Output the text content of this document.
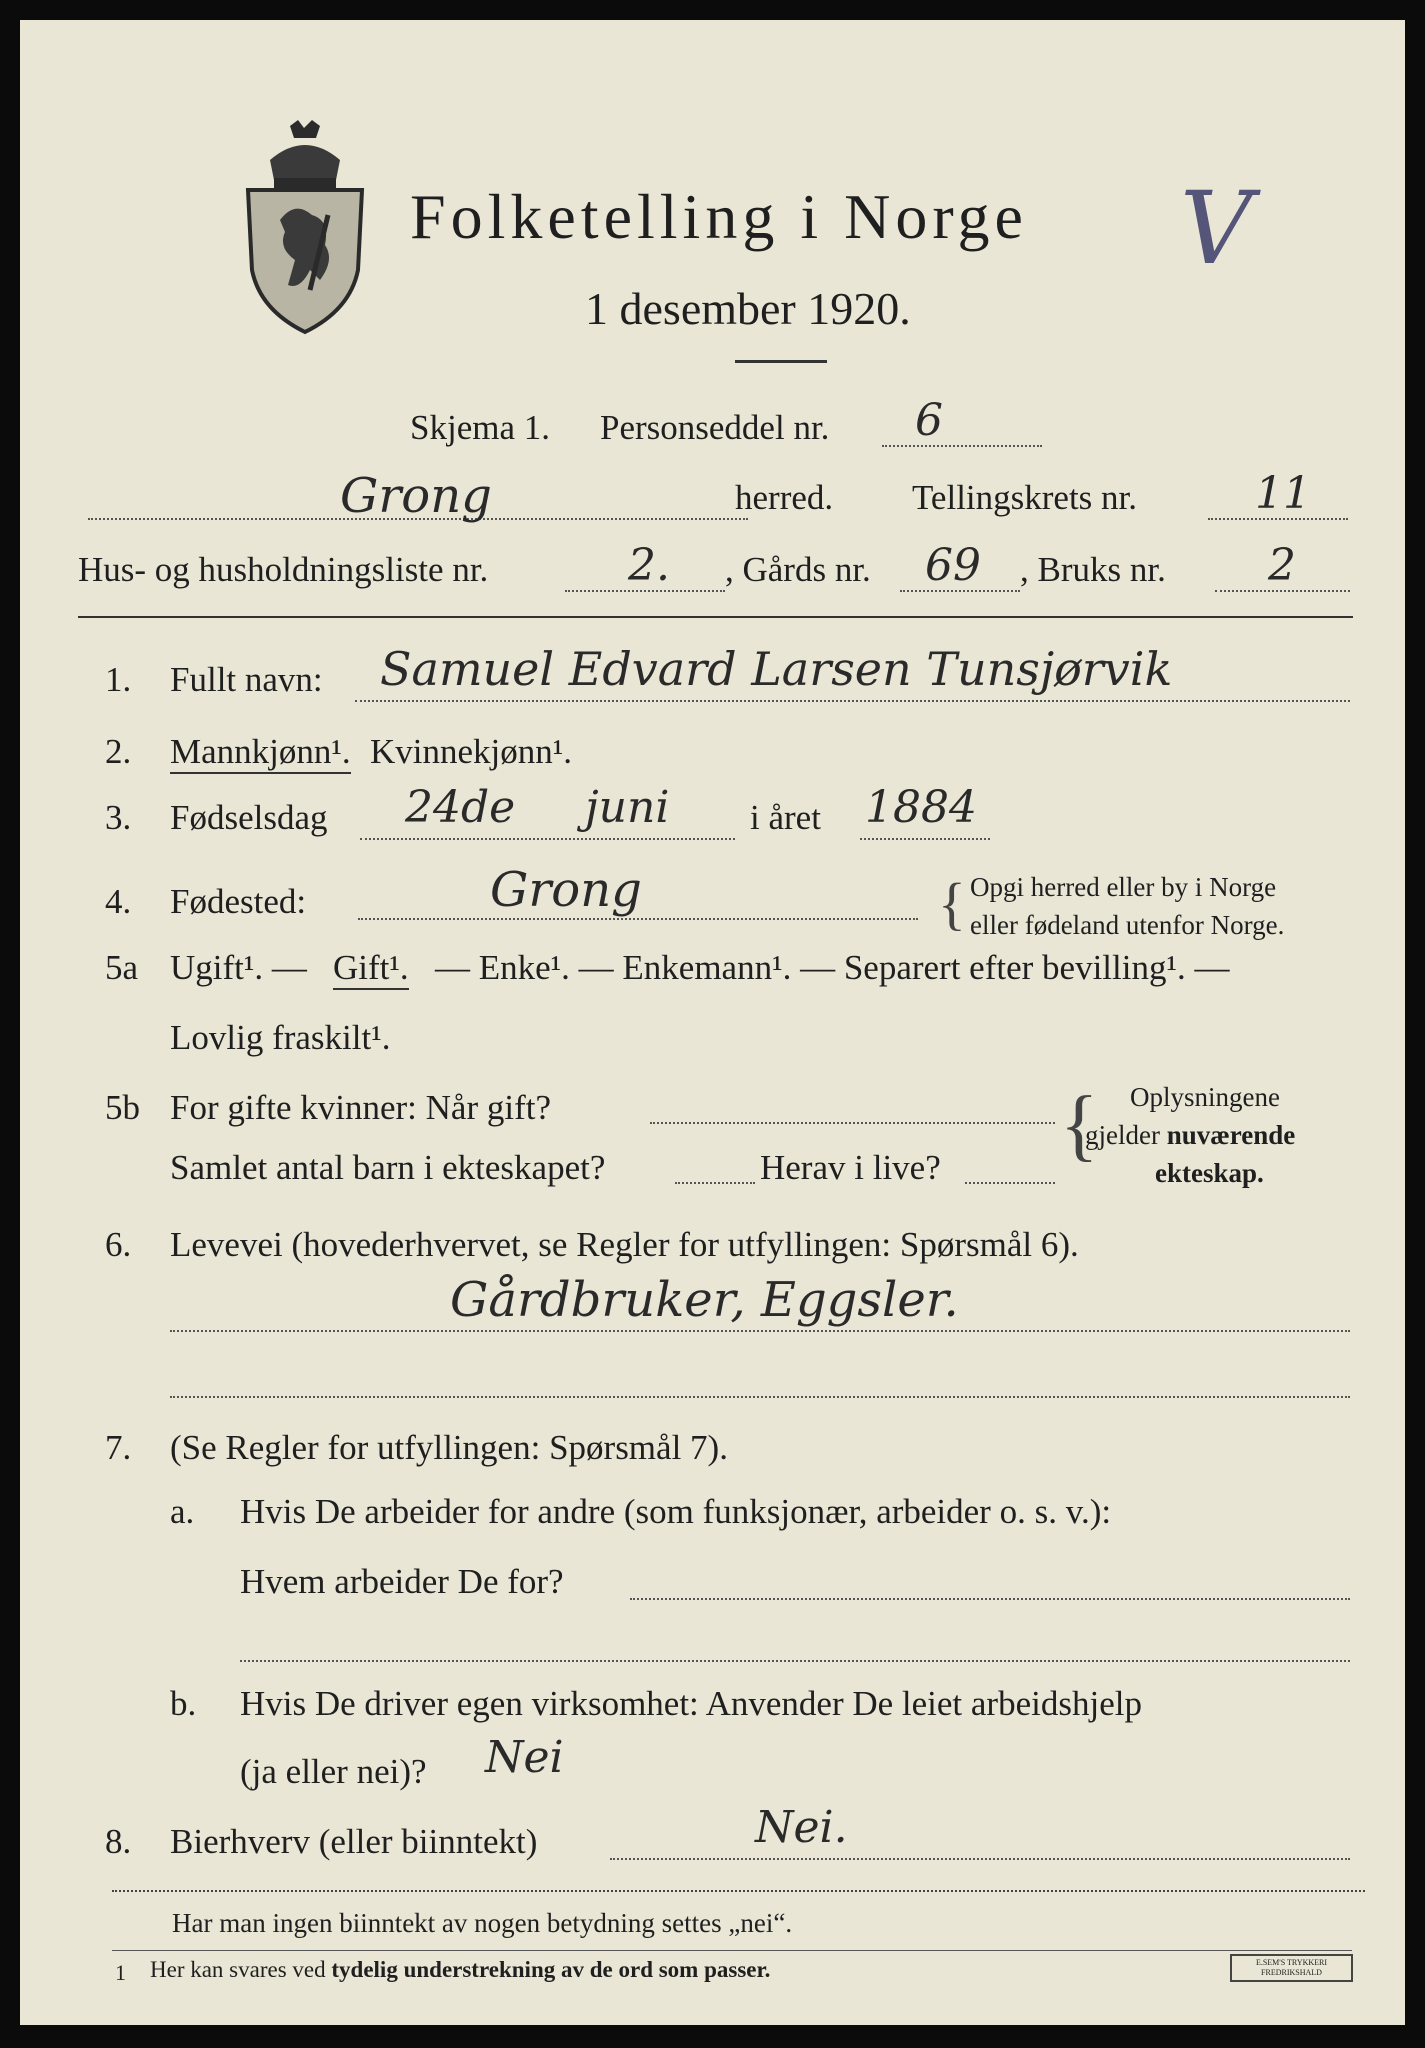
Folketelling i Norge V
1 desember 1920.
Skjema 1. Personseddel nr. 6
Grong	herred. Tellingskrets nr.	11
Hus- og husholdningsliste nr.	2. , Gårds nr. 69 , Bruks nr. 2
1. Fullt navn: Samuel Edvard Larsen Tunsjørvik
2. Mannkjønn¹. Kvinnekjønn¹.
3. Fødselsdag 24de juni i året 1884
4. Fødested:	Grong	{ Opgi herred eller by i Norge
eller fødeland utenfor Norge.
5a Ugift¹. — Gift¹. — Enke¹. — Enkemann¹. — Separert efter bevilling¹. —
Lovlig fraskilt¹.
5b For gifte kvinner: Når gift?
Samlet antal barn i ekteskapet?	Herav i live? { Oplysningene
gjelder nuværende
ekteskap.
6. Levevei (hovederhvervet, se Regler for utfyllingen: Spørsmål 6).
Gårdbruker, Eggsler.
7. (Se Regler for utfyllingen: Spørsmål 7).
a. Hvis De arbeider for andre (som funksjonær, arbeider o. s. v.):
Hvem arbeider De for?
b. Hvis De driver egen virksomhet: Anvender De leiet arbeidshjelp
(ja eller nei)? Nei
8. Bierhverv (eller biinntekt)	Nei.
Har man ingen biinntekt av nogen betydning settes „nei“.
1 Her kan svares ved tydelig understrekning av de ord som passer.	E.SEM'S TRYKKERI FREDRIKSHALD
